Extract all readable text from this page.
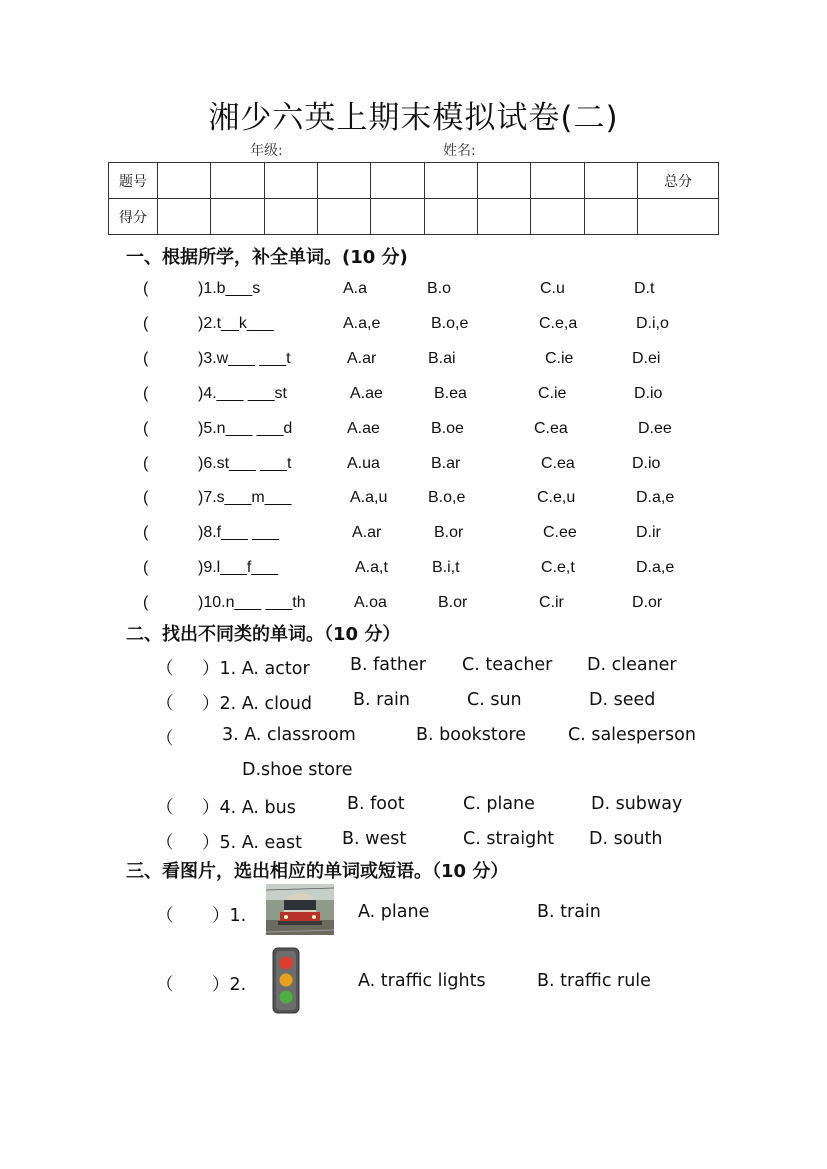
湘少六英上期末模拟试卷(二)
年级:	姓名:
题号										总分
得分										
一、根据所学，补全单词。(10 分)
(	)1.b___s	A.a	B.o	C.u	D.t
(	)2.t__k___	A.a,e	B.o,e	C.e,a	D.i,o
(	)3.w___ ___t	A.ar	B.ai	C.ie	D.ei
(	)4.___ ___st	A.ae	B.ea	C.ie	D.io
(	)5.n___ ___d	A.ae	B.oe	C.ea	D.ee
(	)6.st___ ___t	A.ua	B.ar	C.ea	D.io
(	)7.s___m___	A.a,u	B.o,e	C.e,u	D.a,e
(	)8.f___ ___	A.ar	B.or	C.ee	D.ir
(	)9.l___f___	A.a,t	B.i,t	C.e,t	D.a,e
(	)10.n___ ___th	A.oa	B.or	C.ir	D.or
二、找出不同类的单词。（10 分）
（ ）1. A. actor B. father C. teacher D. cleaner
（ ）2. A. cloud B. rain	C. sun	D. seed
（	3. A. classroom	B. bookstore C. salesperson
D.shoe store
（ ）4. A. bus	B. foot	C. plane	D. subway
（ ）5. A. east B. west	C. straight D. south
三、看图片，选出相应的单词或短语。（10 分）
（ ）1.	A. plane	B. train
（ ）2.	A. traffic lights	B. traffic rule
